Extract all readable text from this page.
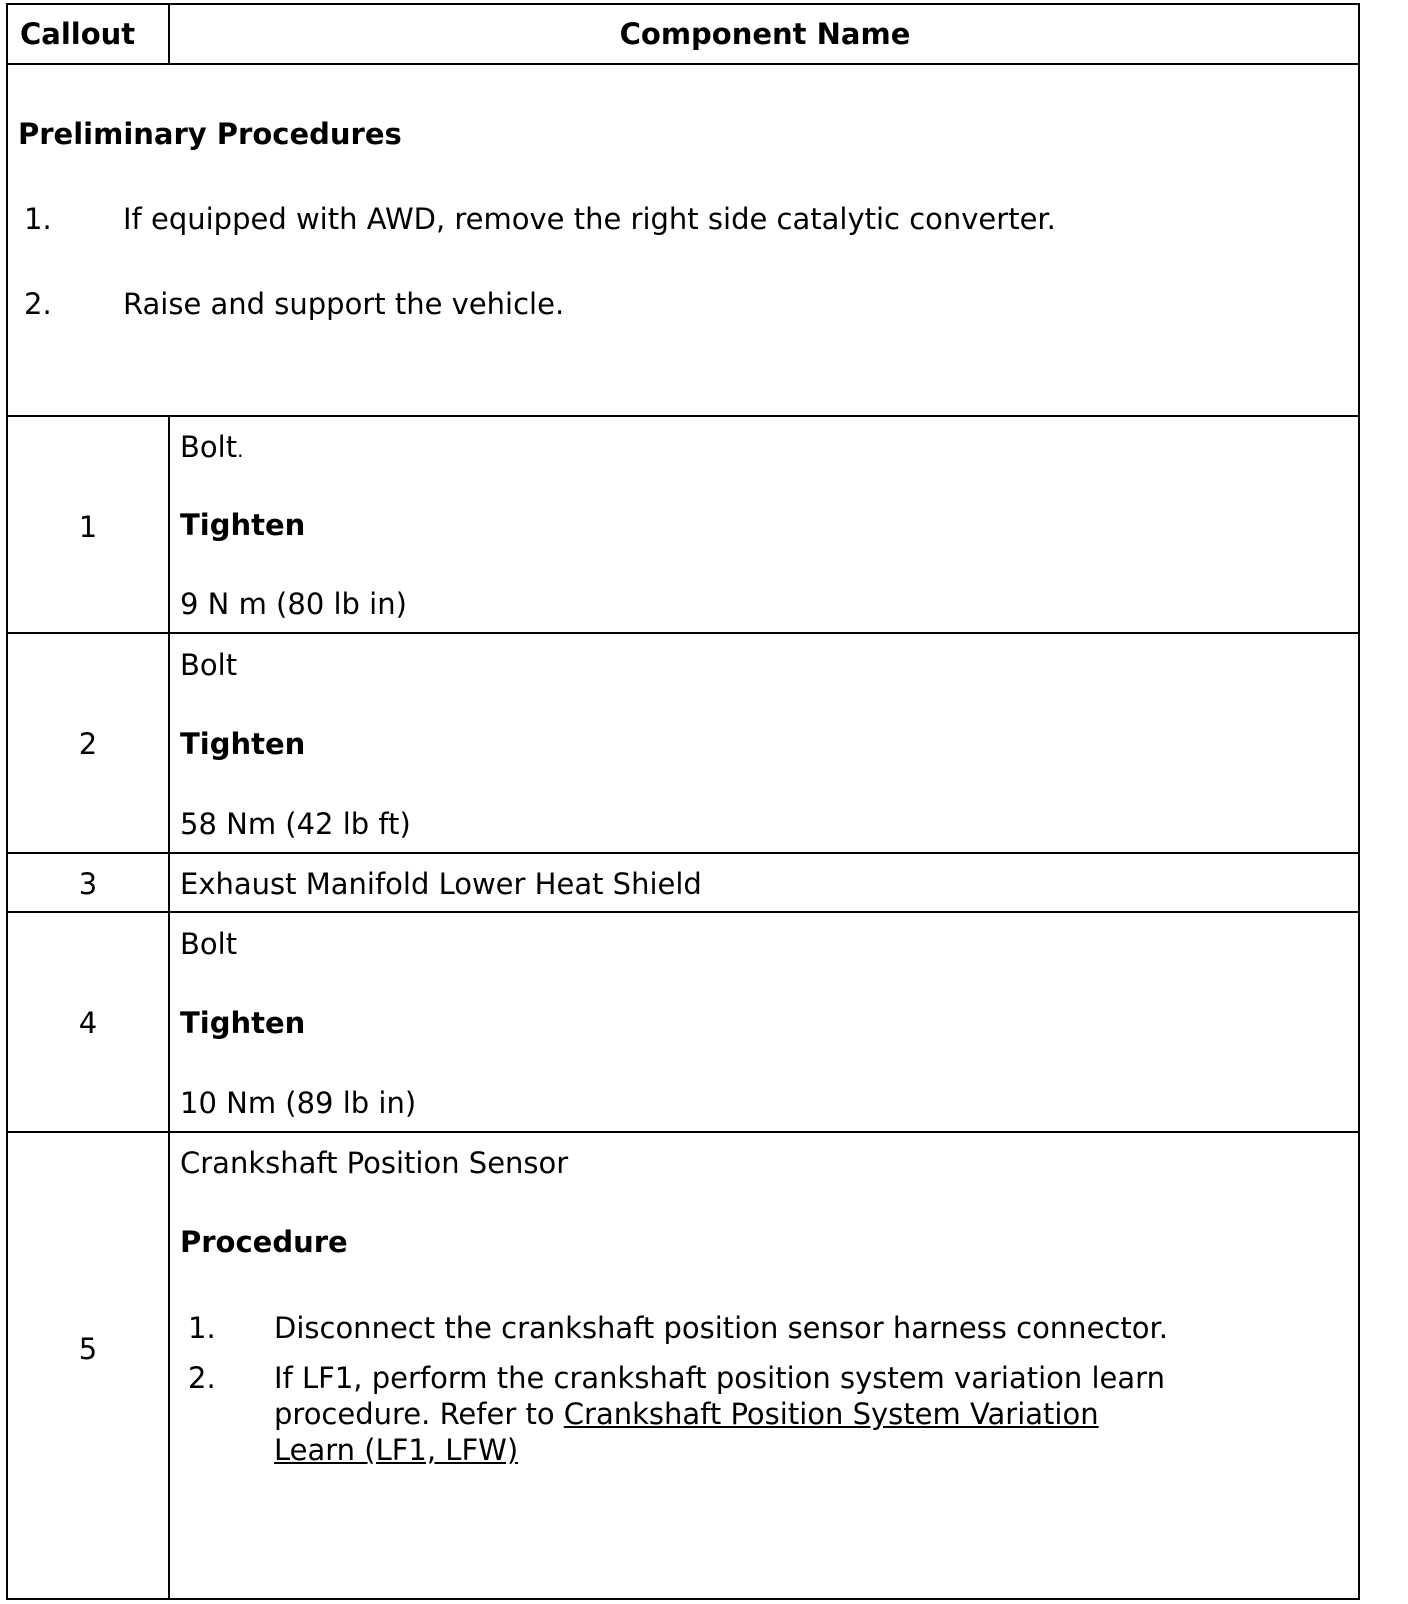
Callout	Component Name
Preliminary Procedures
1. If equipped with AWD, remove the right side catalytic converter.
2. Raise and support the vehicle.
1
Bolt.
Tighten
9 N m (80 lb in)
2
Bolt
Tighten
58 Nm (42 lb ft)
3	Exhaust Manifold Lower Heat Shield
4
Bolt
Tighten
10 Nm (89 lb in)
5
Crankshaft Position Sensor
Procedure
1. Disconnect the crankshaft position sensor harness connector.
2. If LF1, perform the crankshaft position system variation learn
procedure. Refer to Crankshaft Position System Variation
Learn (LF1, LFW)
